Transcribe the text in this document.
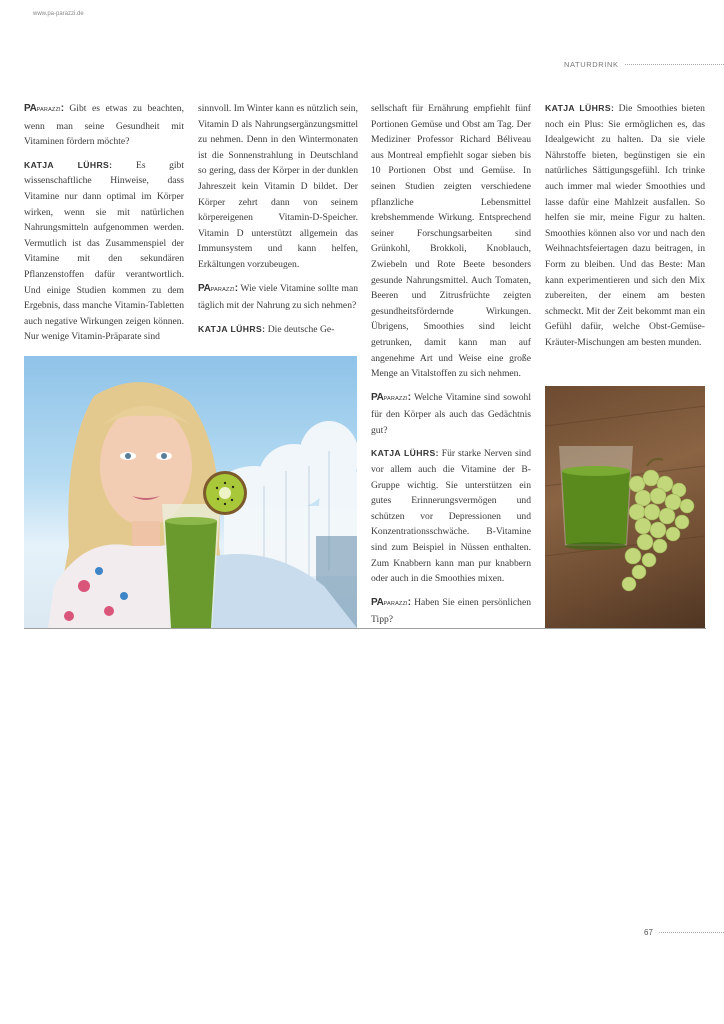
www.pa-parazzi.de
NATURDRINK

PAPARAZZI: Gibt es etwas zu beachten, wenn man seine Gesundheit mit Vitaminen fördern möchte?

KATJA LÜHRS: Es gibt wissenschaftliche Hinweise, dass Vitamine nur dann optimal im Körper wirken, wenn sie mit natürlichen Nahrungsmitteln aufgenommen werden. Vermutlich ist das Zusammenspiel der Vitamine mit den sekundären Pflanzenstoffen dafür verantwortlich. Und einige Studien kommen zu dem Ergebnis, dass manche Vitamin-Tabletten auch negative Wirkungen zeigen können. Nur wenige Vitamin-Präparate sind

sinnvoll. Im Winter kann es nützlich sein, Vitamin D als Nahrungsergänzungsmittel zu nehmen. Denn in den Wintermonaten ist die Sonnenstrahlung in Deutschland so gering, dass der Körper in der dunklen Jahreszeit kein Vitamin D bildet. Der Körper zehrt dann von seinem körpereigenen Vitamin-D-Speicher. Vitamin D unterstützt allgemein das Immunsystem und kann helfen, Erkältungen vorzubeugen.

PAPARAZZI: Wie viele Vitamine sollte man täglich mit der Nahrung zu sich nehmen?

KATJA LÜHRS: Die deutsche Ge-

sellschaft für Ernährung empfiehlt fünf Portionen Gemüse und Obst am Tag. Der Mediziner Professor Richard Béliveau aus Montreal empfiehlt sogar sieben bis 10 Portionen Obst und Gemüse. In seinen Studien zeigten verschiedene pflanzliche Lebensmittel krebshemmende Wirkung. Entsprechend seiner Forschungsarbeiten sind Grünkohl, Brokkoli, Knoblauch, Zwiebeln und Rote Beete besonders gesunde Nahrungsmittel. Auch Tomaten, Beeren und Zitrusfrüchte zeigten gesundheitsfördernde Wirkungen. Übrigens, Smoothies sind leicht getrunken, damit kann man auf angenehme Art und Weise eine große Menge an Vitalstoffen zu sich nehmen.

PAPARAZZI: Welche Vitamine sind sowohl für den Körper als auch das Gedächtnis gut?

KATJA LÜHRS: Für starke Nerven sind vor allem auch die Vitamine der B-Gruppe wichtig. Sie unterstützen ein gutes Erinnerungsvermögen und schützen vor Depressionen und Konzentrationsschwäche. B-Vitamine sind zum Beispiel in Nüssen enthalten. Zum Knabbern kann man pur knabbern oder auch in die Smoothies mixen.

PAPARAZZI: Haben Sie einen persönlichen Tipp?

KATJA LÜHRS: Die Smoothies bieten noch ein Plus: Sie ermöglichen es, das Idealgewicht zu halten. Da sie viele Nährstoffe bieten, begünstigen sie ein natürliches Sättigungsgefühl. Ich trinke auch immer mal wieder Smoothies und lasse dafür eine Mahlzeit ausfallen. So helfen sie mir, meine Figur zu halten. Smoothies können also vor und nach den Weihnachtsfeiertagen dazu beitragen, in Form zu bleiben. Und das Beste: Man kann experimentieren und sich den Mix zubereiten, der einem am besten schmeckt. Mit der Zeit bekommt man ein Gefühl dafür, welche Obst-Gemüse-Kräuter-Mischungen am besten munden.

67
